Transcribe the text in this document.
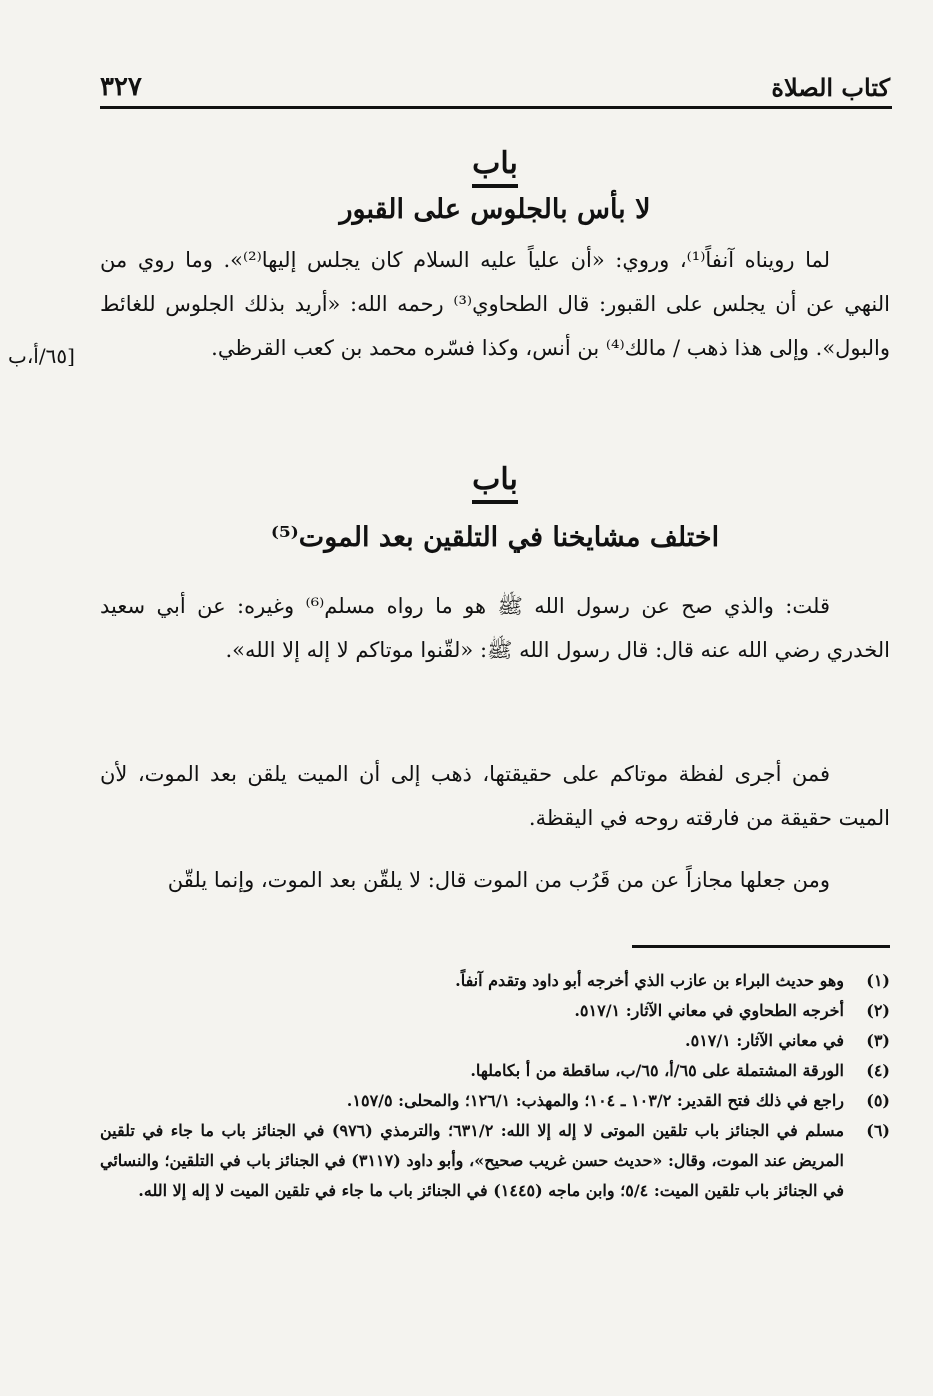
كتاب الصلاة
٣٢٧
باب
لا بأس بالجلوس على القبور

لما رويناه آنفاً⁽¹⁾، وروي: «أن علياً عليه السلام كان يجلس إليها⁽²⁾». وما روي من النهي عن أن يجلس على القبور: قال الطحاوي⁽³⁾ رحمه الله: «أريد بذلك الجلوس للغائط والبول». وإلى هذا ذهب / مالك⁽⁴⁾ بن أنس، وكذا فسّره محمد بن كعب القرظي.

[٦٥/أ،ب
باب
اختلف مشايخنا في التلقين بعد الموت⁽⁵⁾

قلت: والذي صح عن رسول الله ﷺ هو ما رواه مسلم⁽⁶⁾ وغيره: عن أبي سعيد الخدري رضي الله عنه قال: قال رسول الله ﷺ: «لقّنوا موتاكم لا إله إلا الله».

فمن أجرى لفظة موتاكم على حقيقتها، ذهب إلى أن الميت يلقن بعد الموت، لأن الميت حقيقة من فارقته روحه في اليقظة.

ومن جعلها مجازاً عن من قَرُب من الموت قال: لا يلقّن بعد الموت، وإنما يلقّن

(١)
وهو حديث البراء بن عازب الذي أخرجه أبو داود وتقدم آنفاً.
(٢)
أخرجه الطحاوي في معاني الآثار: ٥١٧/١.
(٣)
في معاني الآثار: ٥١٧/١.
(٤)
الورقة المشتملة على ٦٥/أ، ٦٥/ب، ساقطة من أ بكاملها.
(٥)
راجع في ذلك فتح القدير: ١٠٣/٢ ـ ١٠٤؛ والمهذب: ١٢٦/١؛ والمحلى: ١٥٧/٥.
(٦)
مسلم في الجنائز باب تلقين الموتى لا إله إلا الله: ٦٣١/٢؛ والترمذي (٩٧٦) في الجنائز باب ما جاء في تلقين المريض عند الموت، وقال: «حديث حسن غريب صحيح»، وأبو داود (٣١١٧) في الجنائز باب في التلقين؛ والنسائي في الجنائز باب تلقين الميت: ٥/٤؛ وابن ماجه (١٤٤٥) في الجنائز باب ما جاء في تلقين الميت لا إله إلا الله.
